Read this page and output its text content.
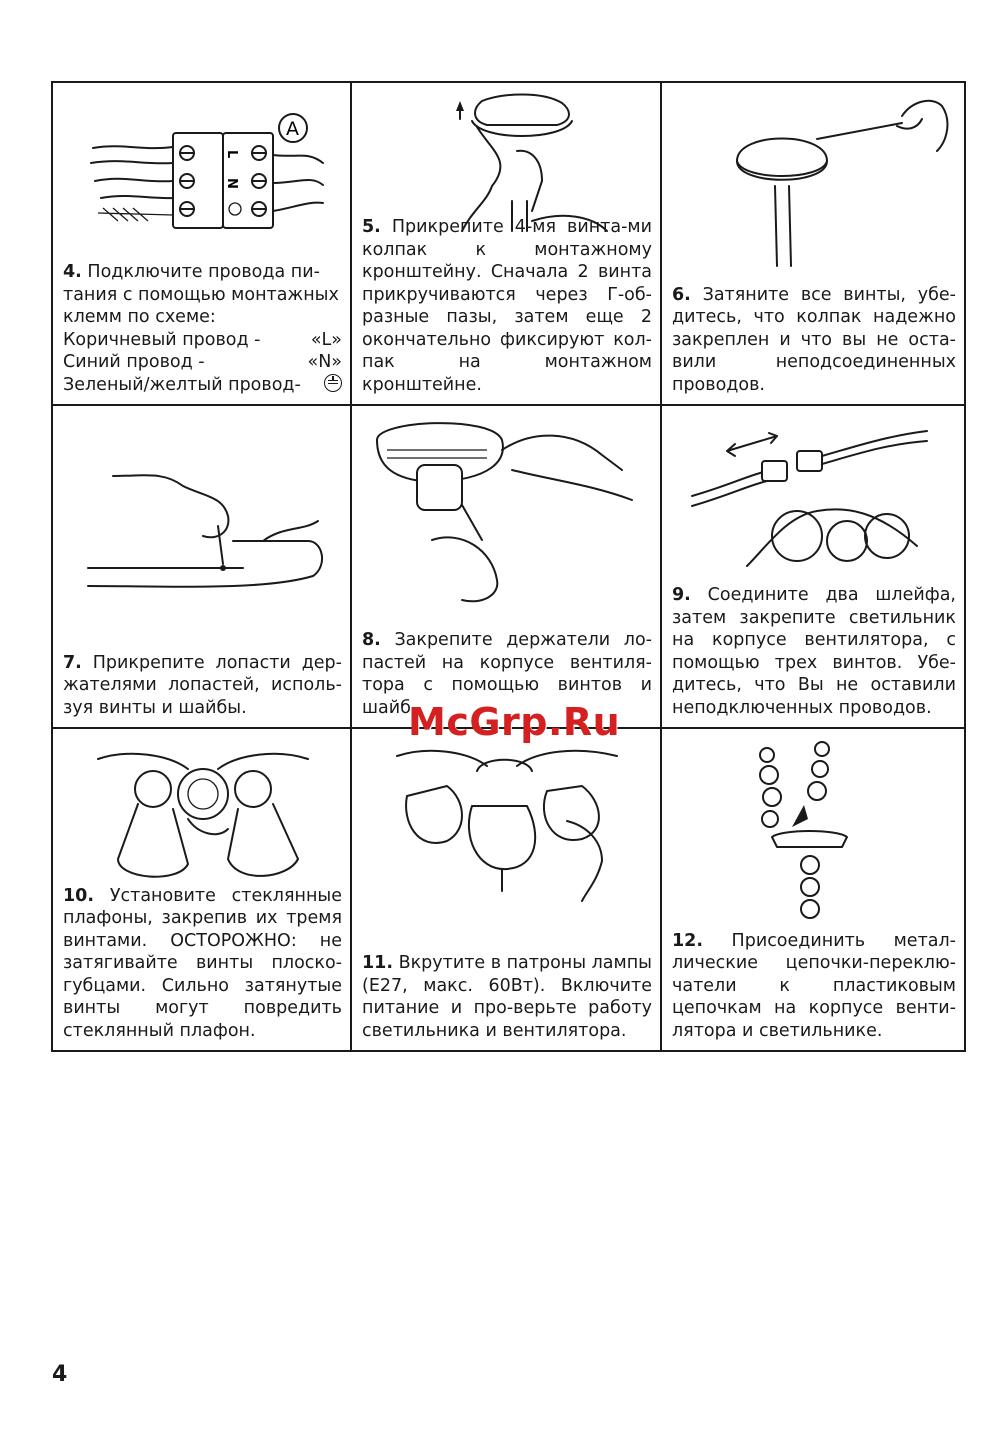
A
L
N
4. Подключите провода пи-
тания с помощью монтажных
клемм по схеме:
Коричневый провод -	«L»
Синий провод -	«N»
Зеленый/желтый провод-
5. Прикрепите 4-мя винта-ми колпак к монтажному кронштейну. Сначала 2 винта прикручиваются через Г-об-разные пазы, затем еще 2 окончательно фиксируют кол-пак на монтажном кронштейне.
6. Затяните все винты, убе-дитесь, что колпак надежно закреплен и что вы не оста-вили неподсоединенных проводов.
7. Прикрепите лопасти дер-жателями лопастей, исполь-зуя винты и шайбы.
8. Закрепите держатели ло-пастей на корпусе вентиля-тора с помощью винтов и шайб.
9. Соедините два шлейфа, затем закрепите светильник на корпусе вентилятора, с помощью трех винтов. Убе-дитесь, что Вы не оставили неподключенных проводов.
10. Установите стеклянные плафоны, закрепив их тремя винтами. ОСТОРОЖНО: не затягивайте винты плоско-губцами. Сильно затянутые винты могут повредить стеклянный плафон.
11. Вкрутите в патроны лампы (E27, макс. 60Вт). Включите питание и про-верьте работу светильника и вентилятора.
12. Присоединить метал-лические цепочки-переклю-чатели к пластиковым цепочкам на корпусе венти-лятора и светильнике.
McGrp.Ru
4
